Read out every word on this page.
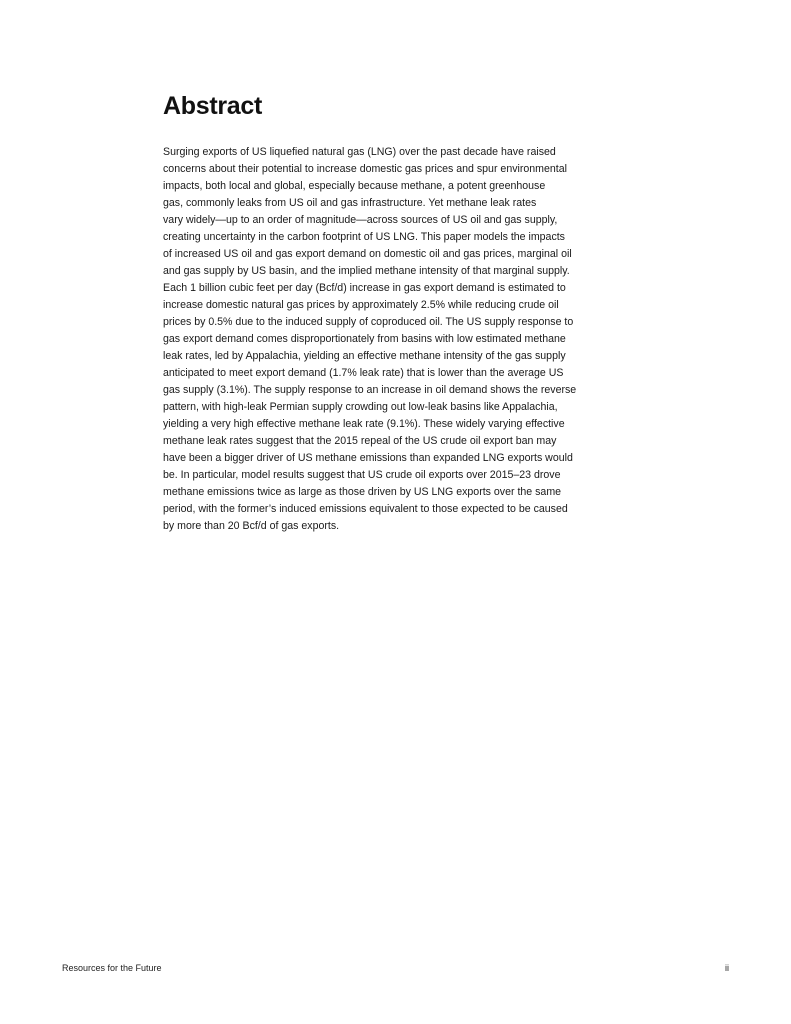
Abstract

Surging exports of US liquefied natural gas (LNG) over the past decade have raised
concerns about their potential to increase domestic gas prices and spur environmental
impacts, both local and global, especially because methane, a potent greenhouse
gas, commonly leaks from US oil and gas infrastructure. Yet methane leak rates
vary widely—up to an order of magnitude—across sources of US oil and gas supply,
creating uncertainty in the carbon footprint of US LNG. This paper models the impacts
of increased US oil and gas export demand on domestic oil and gas prices, marginal oil
and gas supply by US basin, and the implied methane intensity of that marginal supply.
Each 1 billion cubic feet per day (Bcf/d) increase in gas export demand is estimated to
increase domestic natural gas prices by approximately 2.5% while reducing crude oil
prices by 0.5% due to the induced supply of coproduced oil. The US supply response to
gas export demand comes disproportionately from basins with low estimated methane
leak rates, led by Appalachia, yielding an effective methane intensity of the gas supply
anticipated to meet export demand (1.7% leak rate) that is lower than the average US
gas supply (3.1%). The supply response to an increase in oil demand shows the reverse
pattern, with high-leak Permian supply crowding out low-leak basins like Appalachia,
yielding a very high effective methane leak rate (9.1%). These widely varying effective
methane leak rates suggest that the 2015 repeal of the US crude oil export ban may
have been a bigger driver of US methane emissions than expanded LNG exports would
be. In particular, model results suggest that US crude oil exports over 2015–23 drove
methane emissions twice as large as those driven by US LNG exports over the same
period, with the former’s induced emissions equivalent to those expected to be caused
by more than 20 Bcf/d of gas exports.

Resources for the Future	ii
